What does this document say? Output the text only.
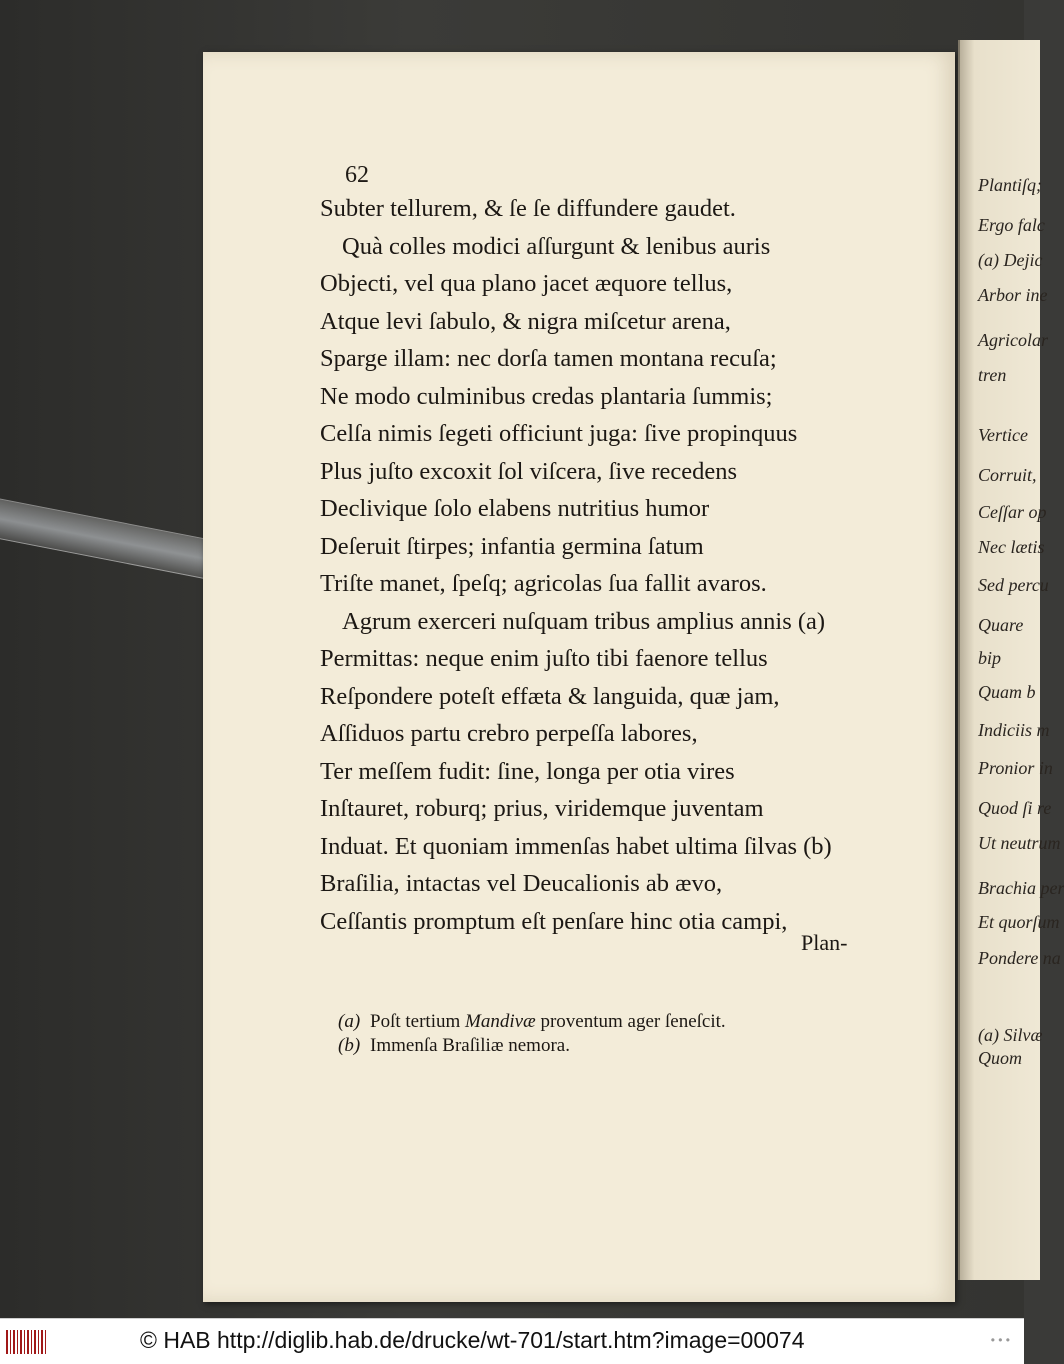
62
Subter tellurem, & ſe ſe diffundere gaudet.
Quà colles modici aſſurgunt & lenibus auris
Objecti, vel qua plano jacet æquore tellus,
Atque levi ſabulo, & nigra miſcetur arena,
Sparge illam: nec dorſa tamen montana recuſa;
Ne modo culminibus credas plantaria ſummis;
Celſa nimis ſegeti officiunt juga: ſive propinquus
Plus juſto excoxit ſol viſcera, ſive recedens
Declivique ſolo elabens nutritius humor
Deſeruit ſtirpes; infantia germina ſatum
Triſte manet, ſpeſq; agricolas ſua fallit avaros.
Agrum exerceri nuſquam tribus amplius annis (a)
Permittas: neque enim juſto tibi faenore tellus
Reſpondere poteſt effæta & languida, quæ jam,
Aſſiduos partu crebro perpeſſa labores,
Ter meſſem fudit: ſine, longa per otia vires
Inſtauret, roburq; prius, viridemque juventam
Induat. Et quoniam immenſas habet ultima ſilvas (b)
Braſilia, intactas vel Deucalionis ab ævo,
Ceſſantis promptum eſt penſare hinc otia campi,
Plan-
(a) Poſt tertium Mandivæ proventum ager ſeneſcit.
(b) Immenſa Braſiliæ nemora.
Plantiſq;
Ergo falc
(a) Dejic
Arbor ine
Agricolar
tren
Vertice
Corruit,
Ceſſar op
Nec lætis
Sed percu
Quare
bip
Quam b
Indiciis m
Pronior in
Quod ſi re
Ut neutrum
Brachia per
Et quorſum
Pondere na
(a) Silvæ
Quom
© HAB http://diglib.hab.de/drucke/wt-701/start.htm?image=00074	• • •
